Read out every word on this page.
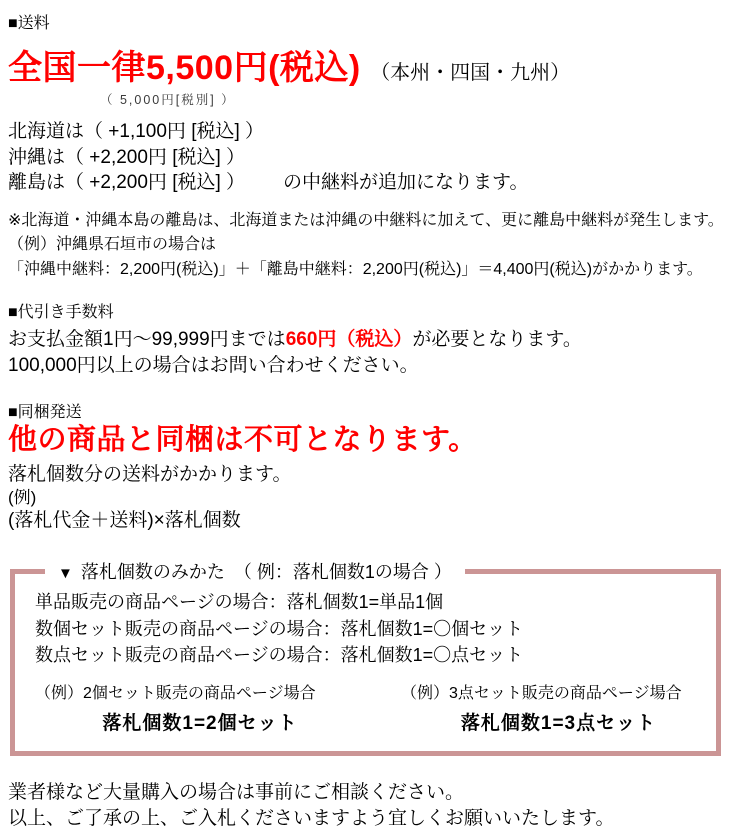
■送料
全国一律5,500円(税込) （本州・四国・九州）
（ 5,000円[税別] ）
北海道は（ +1,100円 [税込] ）
沖縄は（ +2,200円 [税込] ）
離島は（ +2,200円 [税込] ） の中継料が追加になります。
※北海道・沖縄本島の離島は、北海道または沖縄の中継料に加えて、更に離島中継料が発生します。
（例）沖縄県石垣市の場合は
「沖縄中継料：2,200円(税込)」＋「離島中継料：2,200円(税込)」＝4,400円(税込)がかかります。
■代引き手数料
お支払金額1円～99,999円までは660円（税込）が必要となります。
100,000円以上の場合はお問い合わせください。
■同梱発送
他の商品と同梱は不可となります。
落札個数分の送料がかかります。
(例)
(落札代金＋送料)×落札個数
▼ 落札個数のみかた　（ 例：落札個数1の場合 ）
単品販売の商品ページの場合：落札個数1=単品1個
数個セット販売の商品ページの場合：落札個数1=〇個セット
数点セット販売の商品ページの場合：落札個数1=〇点セット
（例）2個セット販売の商品ページ場合
落札個数1=2個セット
（例）3点セット販売の商品ページ場合
落札個数1=3点セット
業者様など大量購入の場合は事前にご相談ください。
以上、ご了承の上、ご入札くださいますよう宜しくお願いいたします。
